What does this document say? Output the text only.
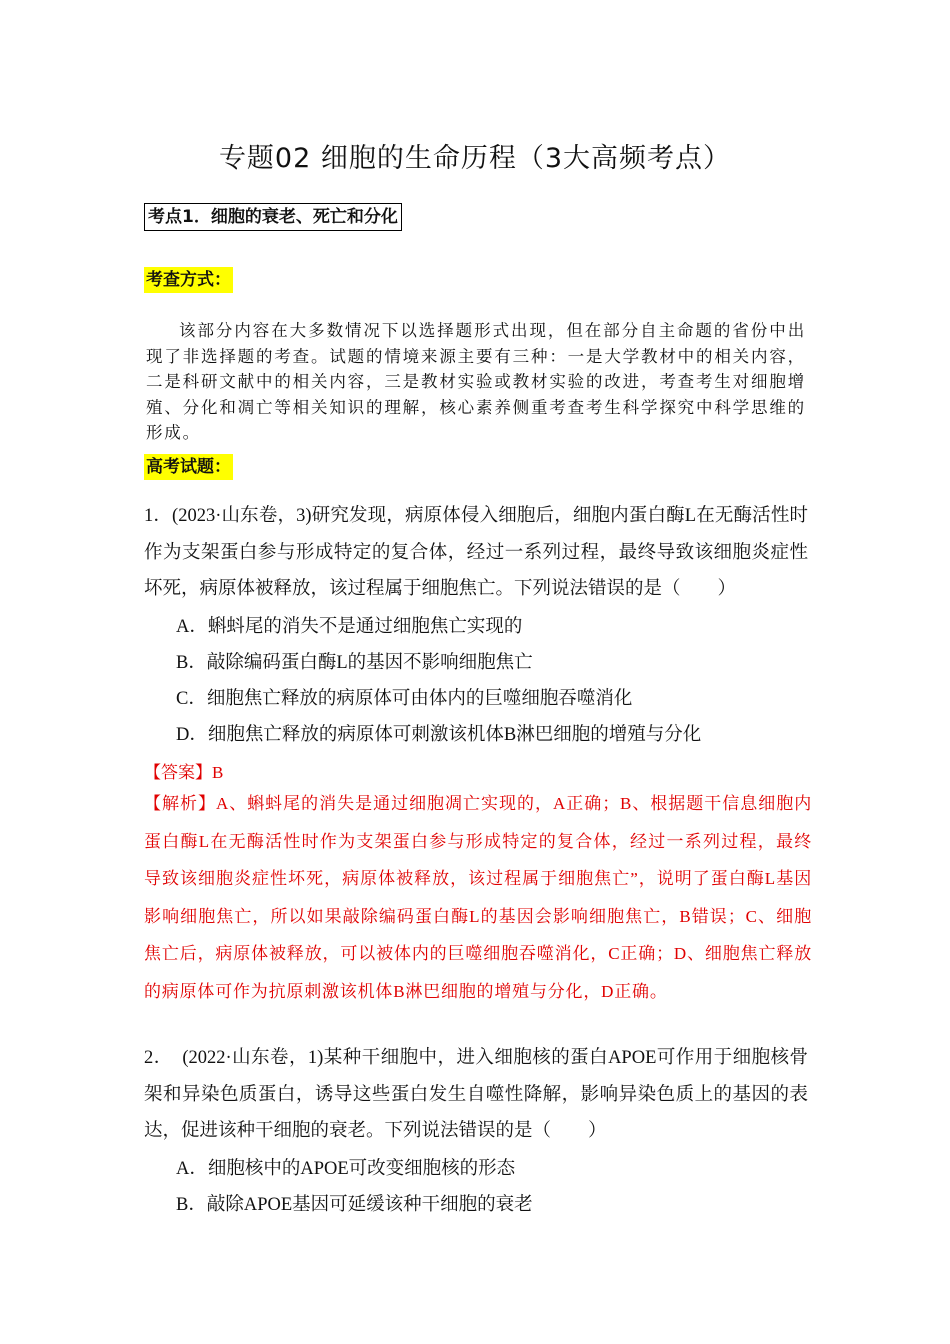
专题02 细胞的生命历程（3大高频考点）
考点1．细胞的衰老、死亡和分化
考查方式：

该部分内容在大多数情况下以选择题形式出现，但在部分自主命题的省份中出现了非选择题的考查。试题的情境来源主要有三种：一是大学教材中的相关内容，二是科研文献中的相关内容，三是教材实验或教材实验的改进，考查考生对细胞增殖、分化和凋亡等相关知识的理解，核心素养侧重考查考生科学探究中科学思维的形成。

高考试题：

1．(2023·山东卷，3)研究发现，病原体侵入细胞后，细胞内蛋白酶L在无酶活性时作为支架蛋白参与形成特定的复合体，经过一系列过程，最终导致该细胞炎症性坏死，病原体被释放，该过程属于细胞焦亡。下列说法错误的是（　　）

A．蝌蚪尾的消失不是通过细胞焦亡实现的
B．敲除编码蛋白酶L的基因不影响细胞焦亡
C．细胞焦亡释放的病原体可由体内的巨噬细胞吞噬消化
D．细胞焦亡释放的病原体可刺激该机体B淋巴细胞的增殖与分化
【答案】B

【解析】A、蝌蚪尾的消失是通过细胞凋亡实现的，A正确；B、根据题干信息细胞内蛋白酶L在无酶活性时作为支架蛋白参与形成特定的复合体，经过一系列过程，最终导致该细胞炎症性坏死，病原体被释放，该过程属于细胞焦亡”，说明了蛋白酶L基因影响细胞焦亡，所以如果敲除编码蛋白酶L的基因会影响细胞焦亡，B错误；C、细胞焦亡后，病原体被释放，可以被体内的巨噬细胞吞噬消化，C正确；D、细胞焦亡释放的病原体可作为抗原刺激该机体B淋巴细胞的增殖与分化，D正确。

2．　(2022·山东卷，1)某种干细胞中，进入细胞核的蛋白APOE可作用于细胞核骨架和异染色质蛋白，诱导这些蛋白发生自噬性降解，影响异染色质上的基因的表达，促进该种干细胞的衰老。下列说法错误的是（　　）

A．细胞核中的APOE可改变细胞核的形态
B．敲除APOE基因可延缓该种干细胞的衰老
